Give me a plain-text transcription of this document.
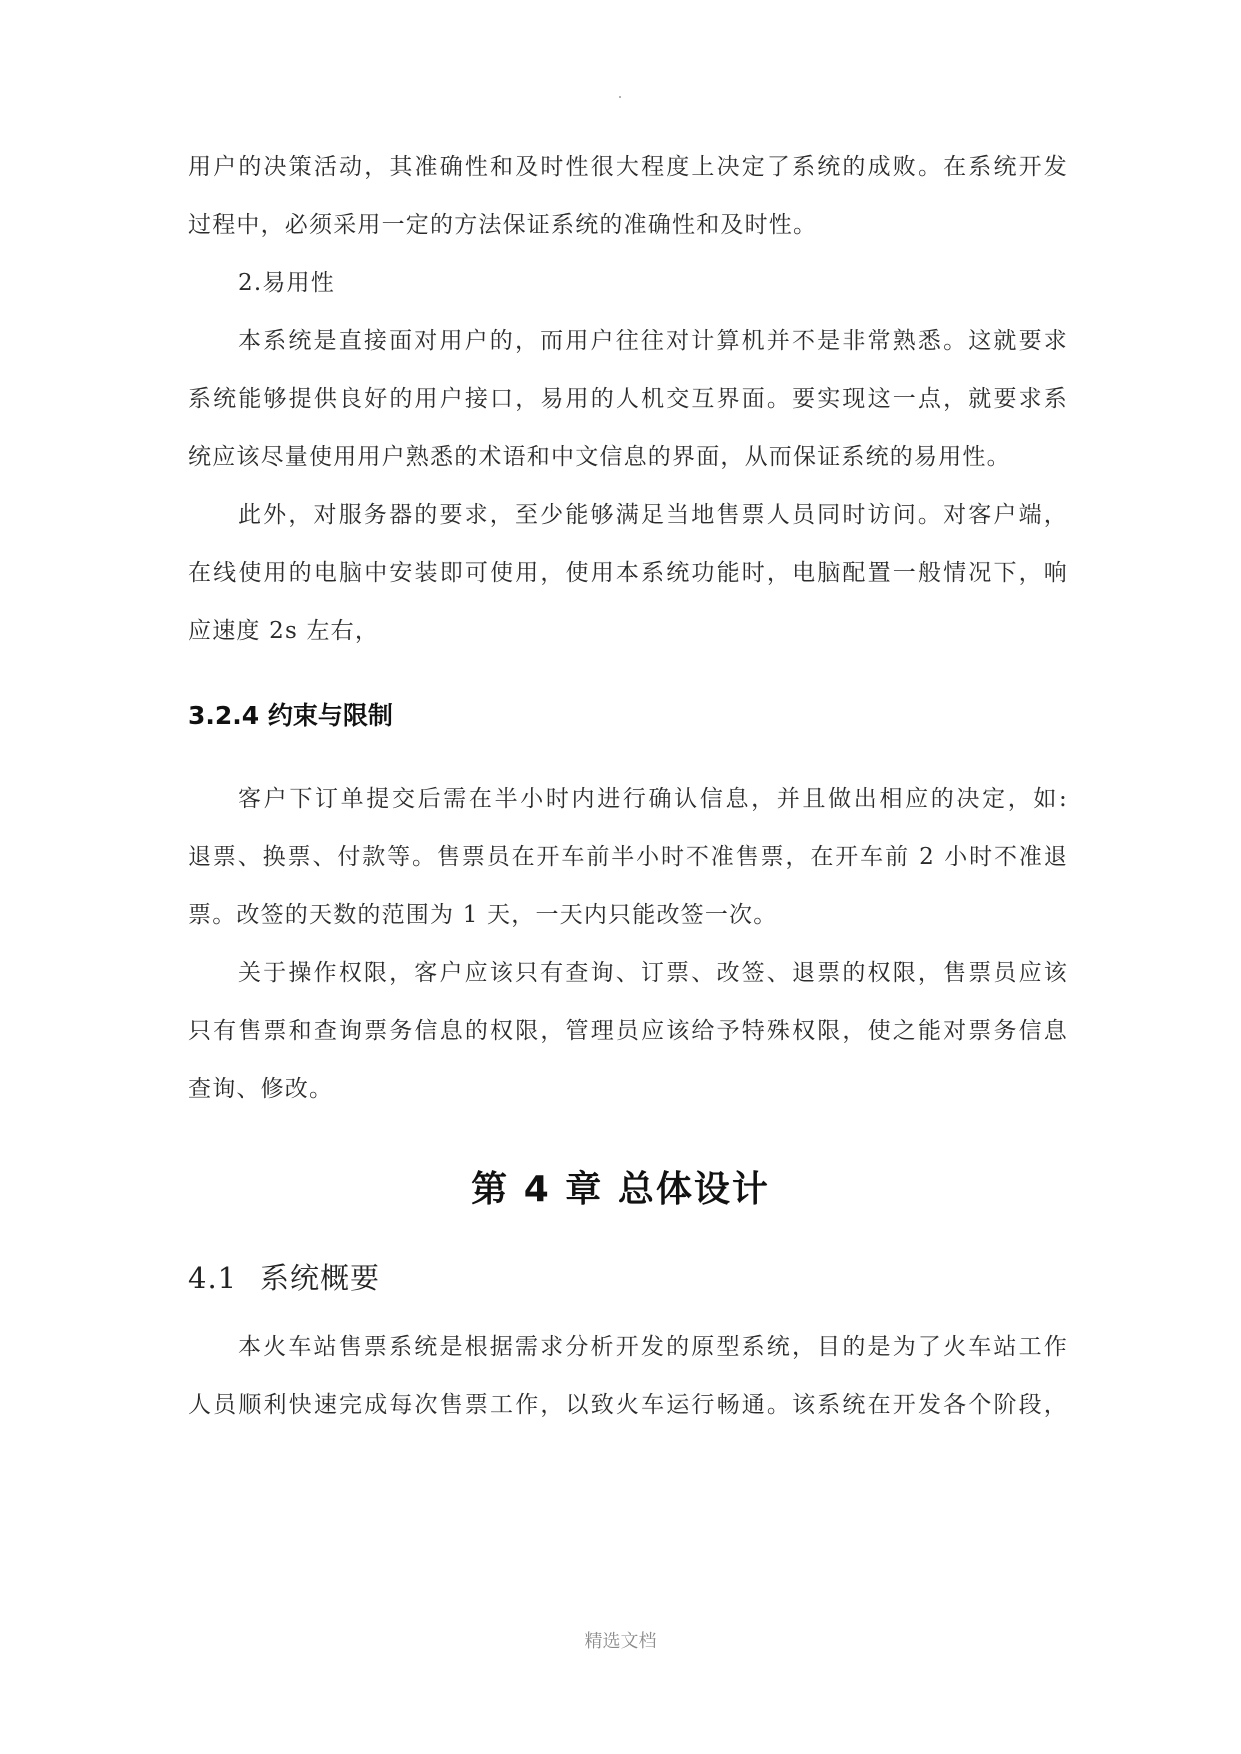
用户的决策活动，其准确性和及时性很大程度上决定了系统的成败。在系统开发
过程中，必须采用一定的方法保证系统的准确性和及时性。
2.易用性
本系统是直接面对用户的，而用户往往对计算机并不是非常熟悉。这就要求
系统能够提供良好的用户接口，易用的人机交互界面。要实现这一点，就要求系
统应该尽量使用用户熟悉的术语和中文信息的界面，从而保证系统的易用性。
此外，对服务器的要求，至少能够满足当地售票人员同时访问。对客户端，
在线使用的电脑中安装即可使用，使用本系统功能时，电脑配置一般情况下，响
应速度 2s 左右，
3.2.4 约束与限制
客户下订单提交后需在半小时内进行确认信息，并且做出相应的决定，如:
退票、换票、付款等。售票员在开车前半小时不准售票，在开车前 2 小时不准退
票。改签的天数的范围为 1 天，一天内只能改签一次。
关于操作权限，客户应该只有查询、订票、改签、退票的权限，售票员应该
只有售票和查询票务信息的权限，管理员应该给予特殊权限，使之能对票务信息
查询、修改。
第 4 章 总体设计
4.1 系统概要
本火车站售票系统是根据需求分析开发的原型系统，目的是为了火车站工作
人员顺利快速完成每次售票工作，以致火车运行畅通。该系统在开发各个阶段，
精选文档
